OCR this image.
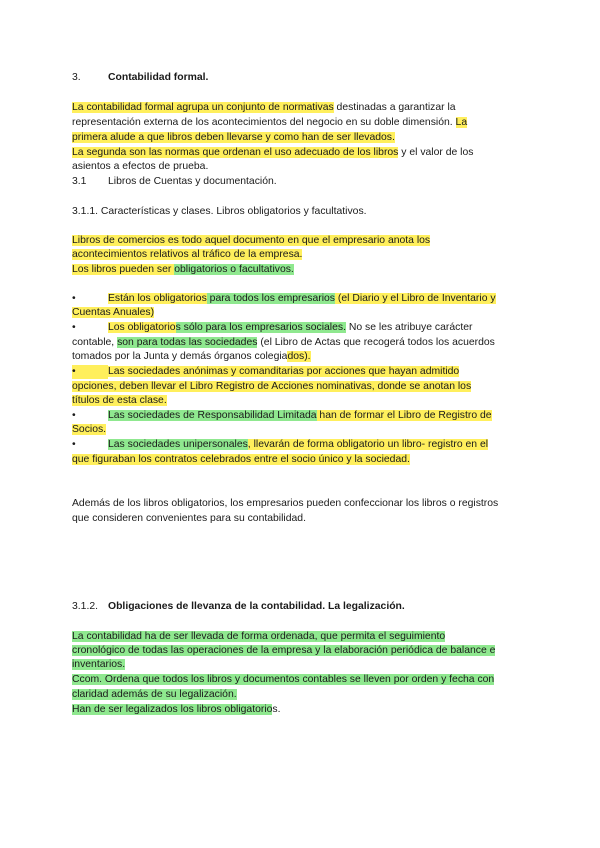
3.	Contabilidad formal.
La contabilidad formal agrupa un conjunto de normativas destinadas a garantizar la
representación externa de los acontecimientos del negocio en su doble dimensión. La
primera alude a que libros deben llevarse y como han de ser llevados.
La segunda son las normas que ordenan el uso adecuado de los libros y el valor de los
asientos a efectos de prueba.
3.1 Libros de Cuentas y documentación.
3.1.1. Características y clases. Libros obligatorios y facultativos.
Libros de comercios es todo aquel documento en que el empresario anota los
acontecimientos relativos al tráfico de la empresa.
Los libros pueden ser obligatorios o facultativos.
•	Están los obligatorios para todos los empresarios (el Diario y el Libro de Inventario y
Cuentas Anuales)
•	Los obligatorios sólo para los empresarios sociales. No se les atribuye carácter
contable, son para todas las sociedades (el Libro de Actas que recogerá todos los acuerdos
tomados por la Junta y demás órganos colegiados).
•	Las sociedades anónimas y comanditarias por acciones que hayan admitido
opciones, deben llevar el Libro Registro de Acciones nominativas, donde se anotan los
títulos de esta clase.
•	Las sociedades de Responsabilidad Limitada han de formar el Libro de Registro de
Socios.
•	Las sociedades unipersonales, llevarán de forma obligatorio un libro- registro en el
que figuraban los contratos celebrados entre el socio único y la sociedad.
Además de los libros obligatorios, los empresarios pueden confeccionar los libros o registros
que consideren convenientes para su contabilidad.
3.1.2. Obligaciones de llevanza de la contabilidad. La legalización.
La contabilidad ha de ser llevada de forma ordenada, que permita el seguimiento
cronológico de todas las operaciones de la empresa y la elaboración periódica de balance e
inventarios.
Ccom. Ordena que todos los libros y documentos contables se lleven por orden y fecha con
claridad además de su legalización.
Han de ser legalizados los libros obligatorios.
